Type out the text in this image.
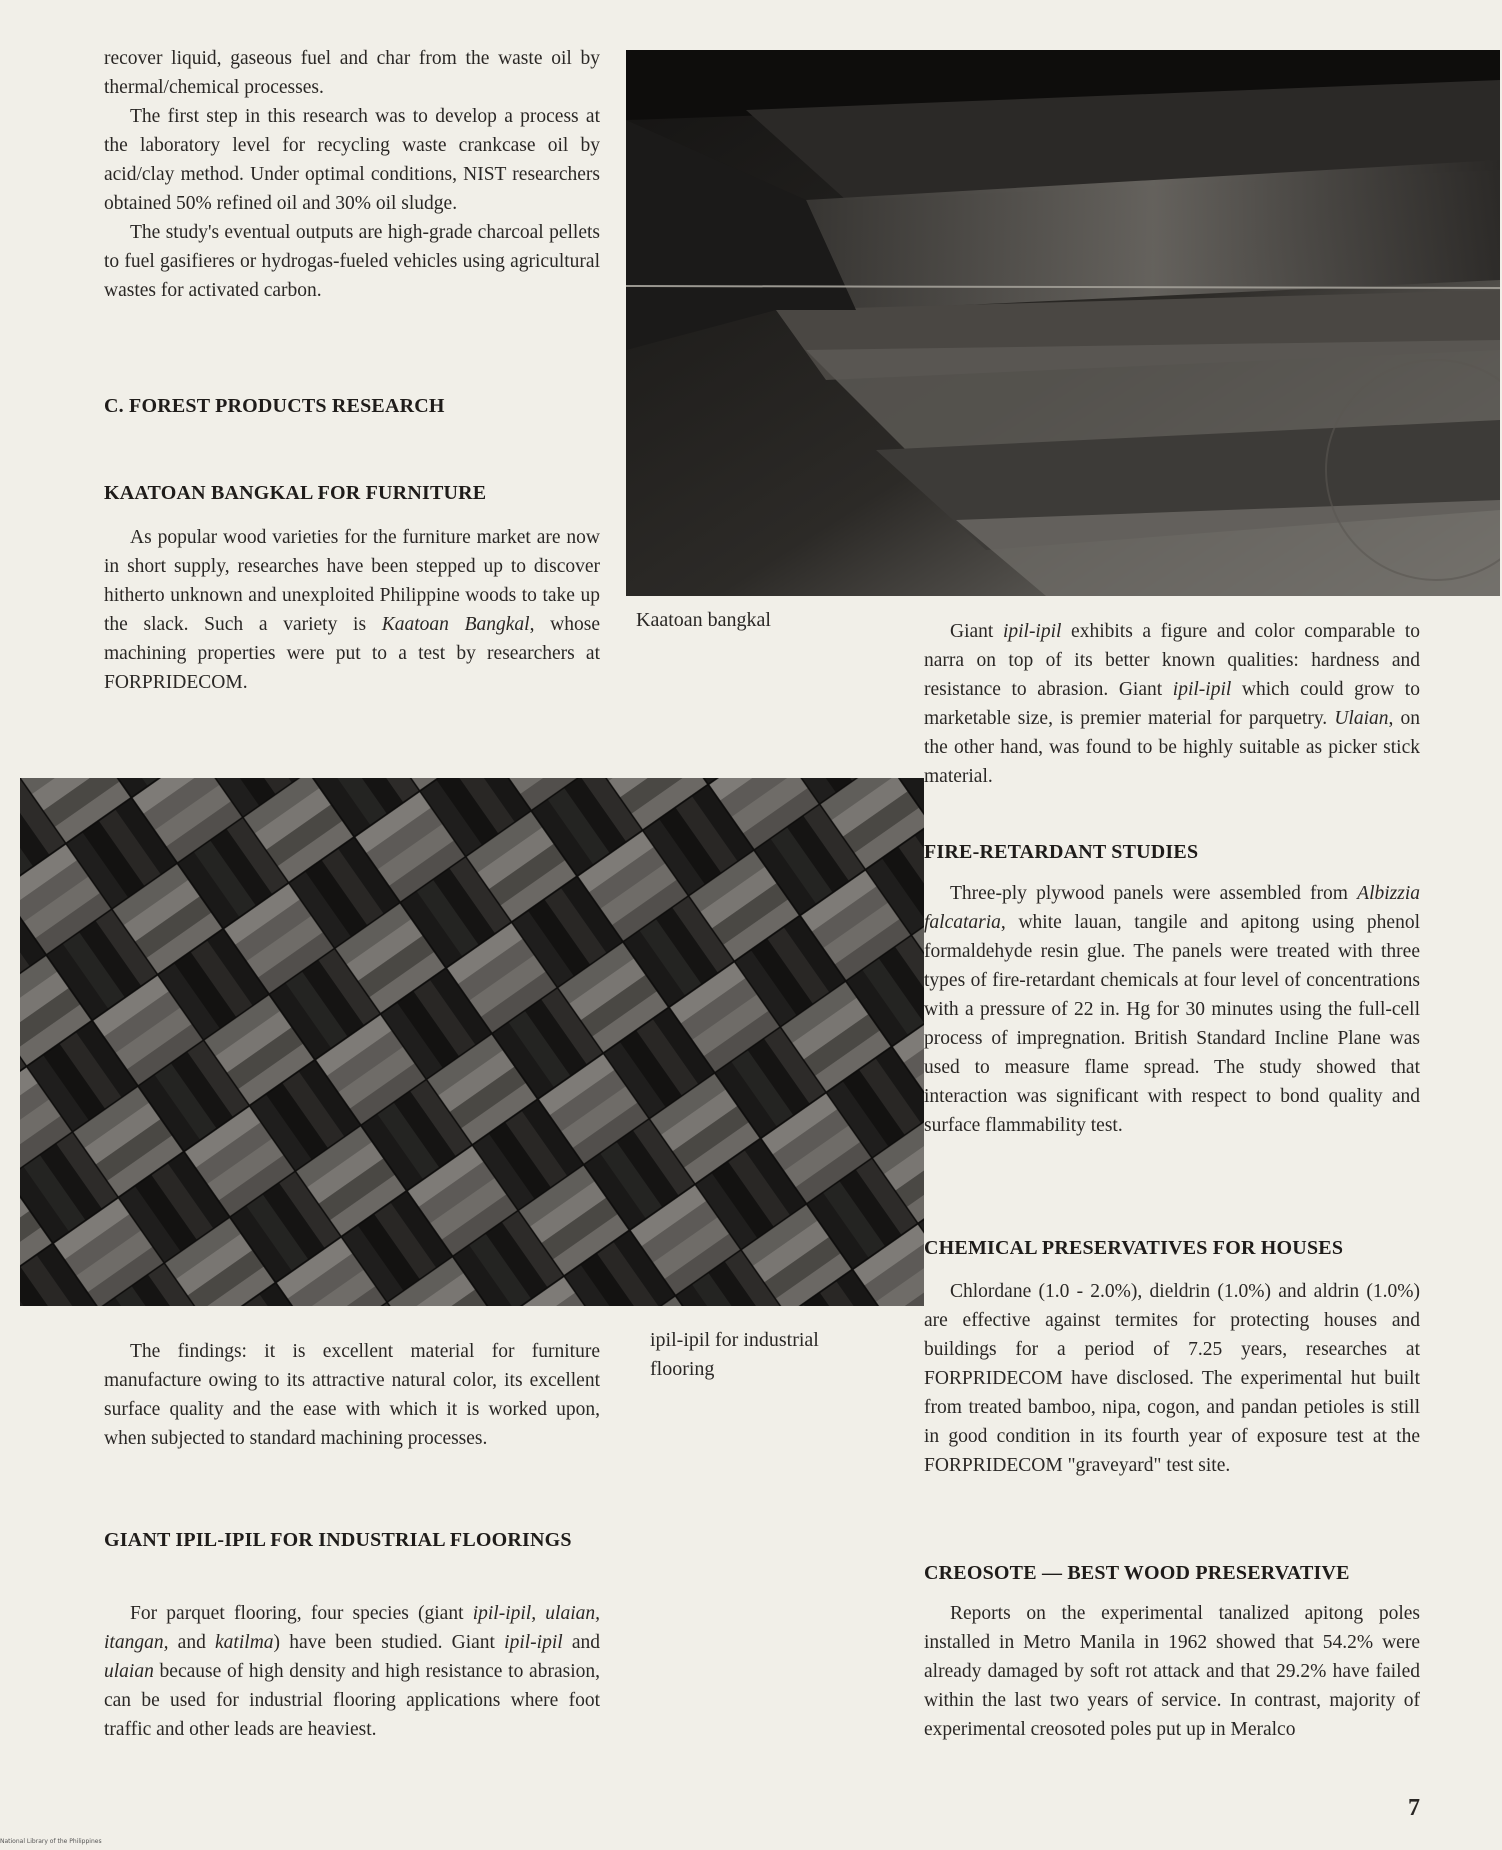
recover liquid, gaseous fuel and char from the waste oil by thermal/chemical processes.

The first step in this research was to develop a process at the laboratory level for recycling waste crankcase oil by acid/clay method. Under optimal conditions, NIST researchers obtained 50% refined oil and 30% oil sludge.

The study's eventual outputs are high-grade charcoal pellets to fuel gasifieres or hydrogas-fueled vehicles using agricultural wastes for activated carbon.

C. FOREST PRODUCTS RESEARCH
KAATOAN BANGKAL FOR FURNITURE

As popular wood varieties for the furniture market are now in short supply, researches have been stepped up to discover hitherto unknown and unexploited Philippine woods to take up the slack. Such a variety is Kaatoan Bangkal, whose machining properties were put to a test by researchers at FORPRIDECOM.

Kaatoan bangkal
ipil-ipil for industrial flooring

The findings: it is excellent material for furniture manufacture owing to its attractive natural color, its excellent surface quality and the ease with which it is worked upon, when subjected to standard machining processes.

GIANT IPIL-IPIL FOR INDUSTRIAL FLOORINGS

For parquet flooring, four species (giant ipil-ipil, ulaian, itangan, and katilma) have been studied. Giant ipil-ipil and ulaian because of high density and high resistance to abrasion, can be used for industrial flooring applications where foot traffic and other leads are heaviest.

Giant ipil-ipil exhibits a figure and color comparable to narra on top of its better known qualities: hardness and resistance to abrasion. Giant ipil-ipil which could grow to marketable size, is premier material for parquetry. Ulaian, on the other hand, was found to be highly suitable as picker stick material.

FIRE-RETARDANT STUDIES

Three-ply plywood panels were assembled from Albizzia falcataria, white lauan, tangile and apitong using phenol formaldehyde resin glue. The panels were treated with three types of fire-retardant chemicals at four level of concentrations with a pressure of 22 in. Hg for 30 minutes using the full-cell process of impregnation. British Standard Incline Plane was used to measure flame spread. The study showed that interaction was significant with respect to bond quality and surface flammability test.

CHEMICAL PRESERVATIVES FOR HOUSES

Chlordane (1.0 - 2.0%), dieldrin (1.0%) and aldrin (1.0%) are effective against termites for protecting houses and buildings for a period of 7.25 years, researches at FORPRIDECOM have disclosed. The experimental hut built from treated bamboo, nipa, cogon, and pandan petioles is still in good condition in its fourth year of exposure test at the FORPRIDECOM "graveyard" test site.

CREOSOTE — BEST WOOD PRESERVATIVE

Reports on the experimental tanalized apitong poles installed in Metro Manila in 1962 showed that 54.2% were already damaged by soft rot attack and that 29.2% have failed within the last two years of service. In contrast, majority of experimental creosoted poles put up in Meralco

7
National Library of the Philippines
